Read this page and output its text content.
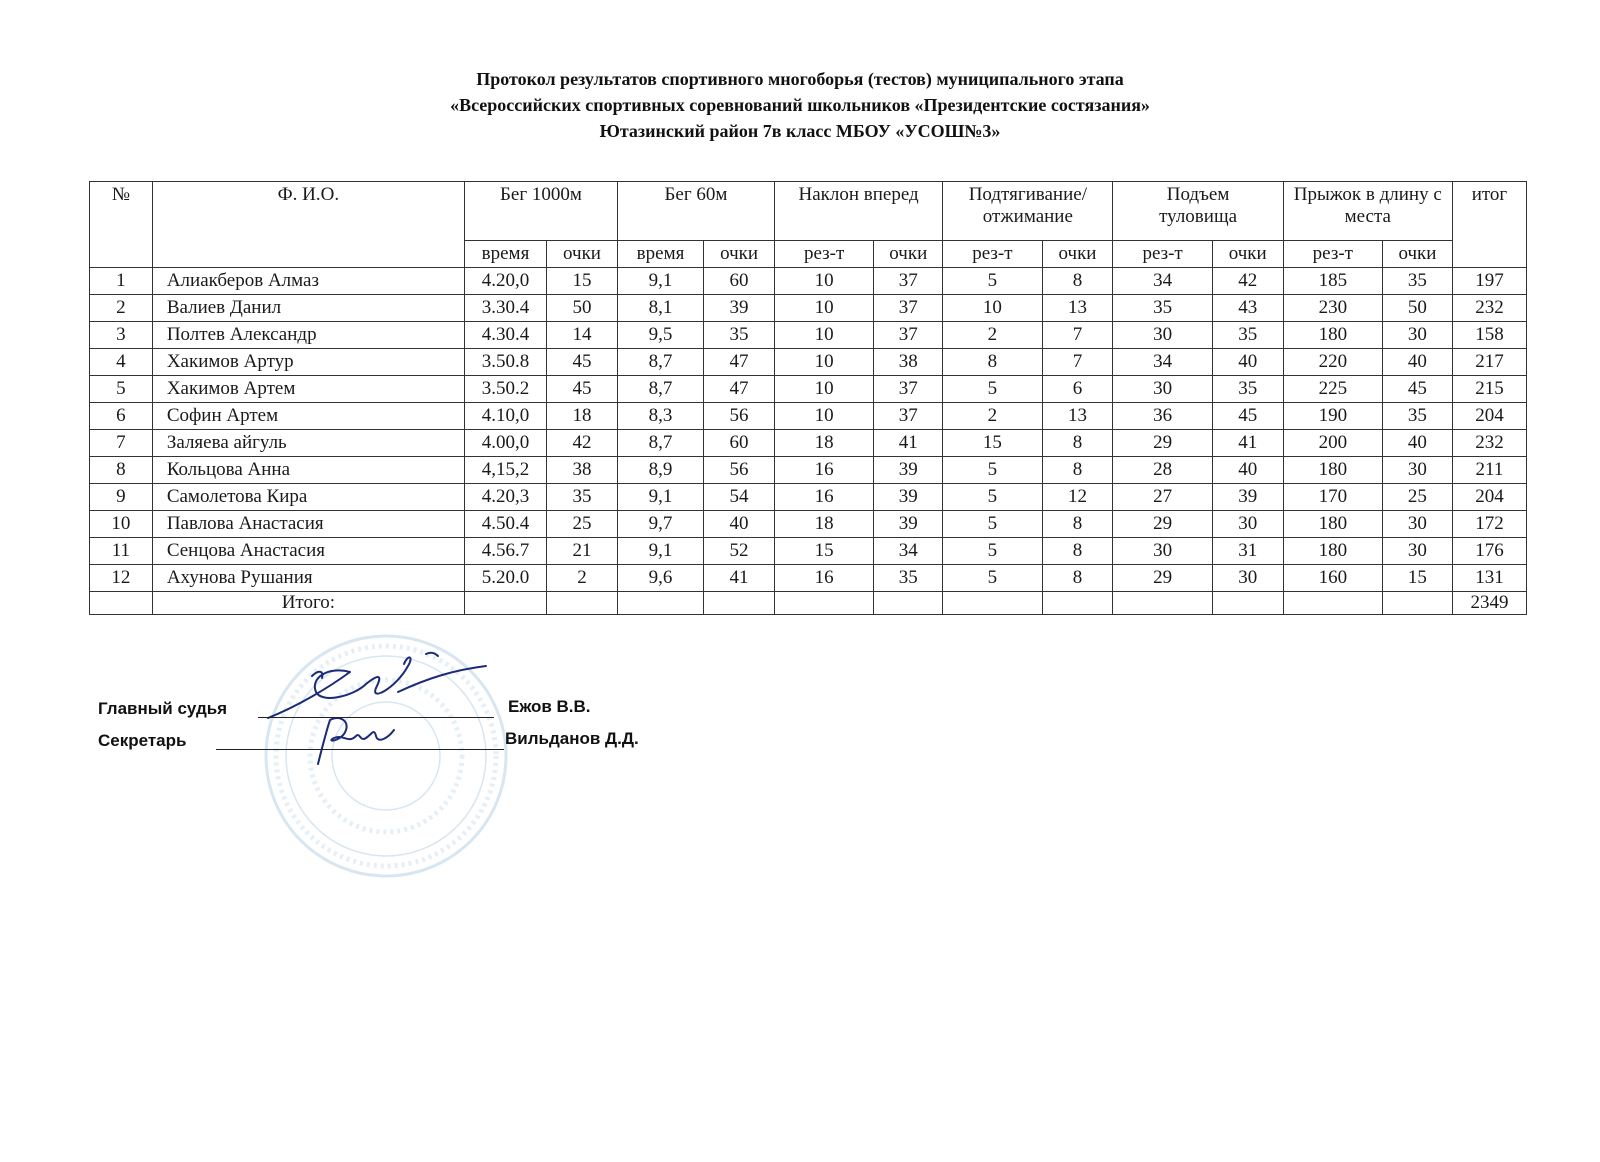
Протокол результатов спортивного многоборья (тестов) муниципального этапа
«Всероссийских спортивных соревнований школьников «Президентские состязания»
Ютазинский район 7в класс МБОУ «УСОШ№3»
№	Ф. И.О.	Бег 1000м		Бег 60м		Наклон вперед		Подтягивание/ отжимание		Подъем туловища		Прыжок в длину с места		итог
		время	очки	время	очки	рез-т	очки	рез-т	очки	рез-т	очки	рез-т	очки	
1	Алиакберов Алмаз	4.20,0	15	9,1	60	10	37	5	8	34	42	185	35	197
2	Валиев Данил	3.30.4	50	8,1	39	10	37	10	13	35	43	230	50	232
3	Полтев Александр	4.30.4	14	9,5	35	10	37	2	7	30	35	180	30	158
4	Хакимов Артур	3.50.8	45	8,7	47	10	38	8	7	34	40	220	40	217
5	Хакимов Артем	3.50.2	45	8,7	47	10	37	5	6	30	35	225	45	215
6	Софин Артем	4.10,0	18	8,3	56	10	37	2	13	36	45	190	35	204
7	Заляева айгуль	4.00,0	42	8,7	60	18	41	15	8	29	41	200	40	232
8	Кольцова Анна	4,15,2	38	8,9	56	16	39	5	8	28	40	180	30	211
9	Самолетова Кира	4.20,3	35	9,1	54	16	39	5	12	27	39	170	25	204
10	Павлова Анастасия	4.50.4	25	9,7	40	18	39	5	8	29	30	180	30	172
11	Сенцова Анастасия	4.56.7	21	9,1	52	15	34	5	8	30	31	180	30	176
12	Ахунова Рушания	5.20.0	2	9,6	41	16	35	5	8	29	30	160	15	131
	Итого:													2349
Главный судья	Ежов В.В.
Секретарь	Вильданов Д.Д.
